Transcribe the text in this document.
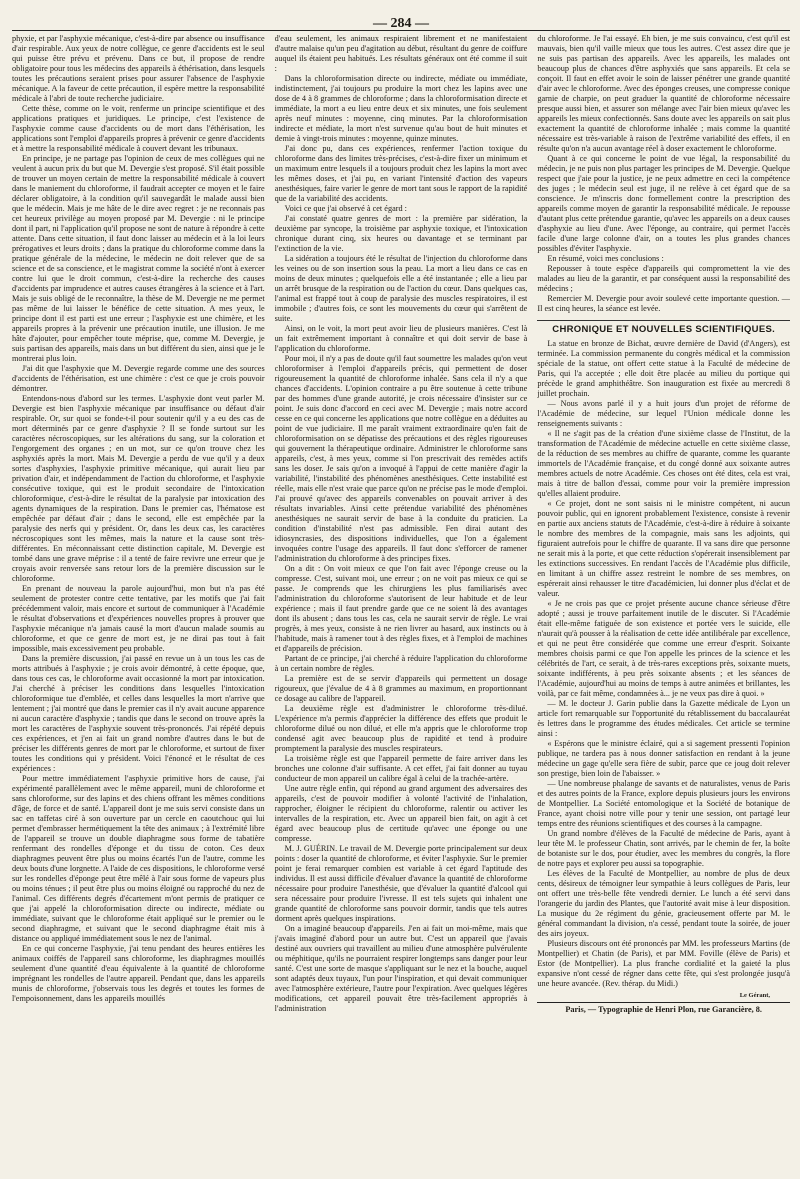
— 284 —

phyxie, et par l'asphyxie mécanique, c'est-à-dire par absence ou insuffisance d'air respirable. Aux yeux de notre collègue, ce genre d'accidents est le seul qui puisse être prévu et prévenu. Dans ce but, il propose de rendre obligatoire pour tous les médecins des appareils à éthérisation, dans lesquels toutes les précautions seraient prises pour assurer l'absence de l'asphyxie mécanique. A la faveur de cette précaution, il espère mettre la responsabilité médicale à l'abri de toute recherche judiciaire.

Cette thèse, comme on le voit, renferme un principe scientifique et des applications pratiques et juridiques. Le principe, c'est l'existence de l'asphyxie comme cause d'accidents ou de mort dans l'éthérisation, les applications sont l'emploi d'appareils propres à prévenir ce genre d'accidents et à mettre la responsabilité médicale à couvert devant les tribunaux.

En principe, je ne partage pas l'opinion de ceux de mes collègues qui ne veulent à aucun prix du but que M. Devergie s'est proposé. S'il était possible de trouver un moyen certain de mettre la responsabilité médicale à couvert dans le maniement du chloroforme, il faudrait accepter ce moyen et le faire déclarer obligatoire, à la condition qu'il sauvegardât le malade aussi bien que le médecin. Mais je me hâte de le dire avec regret : je ne reconnais pas cet heureux privilège au moyen proposé par M. Devergie : ni le principe dont il part, ni l'application qu'il propose ne sont de nature à répondre à cette attente. Dans cette situation, il faut donc laisser au médecin et à la loi leurs prérogatives et leurs droits ; dans la pratique du chloroforme comme dans la pratique générale de la médecine, le médecin ne doit relever que de sa science et de sa conscience, et le magistrat comme la société n'ont à exercer contre lui que le droit commun, c'est-à-dire la recherche des causes d'accidents par imprudence et autres causes étrangères à la science et à l'art. Mais je suis obligé de le reconnaître, la thèse de M. Devergie ne me permet pas même de lui laisser le bénéfice de cette situation. A mes yeux, le principe dont il est parti est une erreur ; l'asphyxie est une chimère, et les appareils propres à la prévenir une précaution inutile, une illusion. Je me hâte d'ajouter, pour empêcher toute méprise, que, comme M. Devergie, je suis partisan des appareils, mais dans un but différent du sien, ainsi que je le montrerai plus loin.

J'ai dit que l'asphyxie que M. Devergie regarde comme une des sources d'accidents de l'éthérisation, est une chimère : c'est ce que je crois pouvoir démontrer.

Entendons-nous d'abord sur les termes. L'asphyxie dont veut parler M. Devergie est bien l'asphyxie mécanique par insuffisance ou défaut d'air respirable. Or, sur quoi se fonde-t-il pour soutenir qu'il y a eu des cas de mort déterminés par ce genre d'asphyxie ? Il se fonde surtout sur les caractères nécroscopiques, sur les altérations du sang, sur la coloration et l'engorgement des organes ; en un mot, sur ce qu'on trouve chez les asphyxiés après la mort. Mais M. Devergie a perdu de vue qu'il y a deux sortes d'asphyxies, l'asphyxie primitive mécanique, qui aurait lieu par privation d'air, et indépendamment de l'action du chloroforme, et l'asphyxie consécutive toxique, qui est le produit secondaire de l'intoxication chloroformique, c'est-à-dire le résultat de la paralysie par intoxication des agents dynamiques de la respiration. Dans le premier cas, l'hématose est empêchée par défaut d'air ; dans le second, elle est empêchée par la paralysie des nerfs qui y président. Or, dans les deux cas, les caractères nécroscopiques sont les mêmes, mais la nature et la cause sont très-différentes. En méconnaissant cette distinction capitale, M. Devergie est tombé dans une grave méprise : il a tenté de faire revivre une erreur que je croyais avoir renversée sans retour lors de la première discussion sur le chloroforme.

En prenant de nouveau la parole aujourd'hui, mon but n'a pas été seulement de protester contre cette tentative, par les motifs que j'ai fait précédemment valoir, mais encore et surtout de communiquer à l'Académie le résultat d'observations et d'expériences nouvelles propres à prouver que l'asphyxie mécanique n'a jamais causé la mort d'aucun malade soumis au chloroforme, et que ce genre de mort est, je ne dirai pas tout à fait impossible, mais excessivement peu probable.

Dans la première discussion, j'ai passé en revue un à un tous les cas de morts attribués à l'asphyxie ; je crois avoir démontré, à cette époque, que, dans tous ces cas, le chloroforme avait occasionné la mort par intoxication. J'ai cherché à préciser les conditions dans lesquelles l'intoxication chloroformique tue d'emblée, et celles dans lesquelles la mort n'arrive que lentement ; j'ai montré que dans le premier cas il n'y avait aucune apparence ni aucun caractère d'asphyxie ; tandis que dans le second on trouve après la mort les caractères de l'asphyxie souvent très-prononcés. J'ai répété depuis ces expériences, et j'en ai fait un grand nombre d'autres dans le but de préciser les différents genres de mort par le chloroforme, et surtout de fixer toutes les conditions qui y président. Voici l'énoncé et le résultat de ces expériences :

Pour mettre immédiatement l'asphyxie primitive hors de cause, j'ai expérimenté parallèlement avec le même appareil, muni de chloroforme et sans chloroforme, sur des lapins et des chiens offrant les mêmes conditions d'âge, de force et de santé. L'appareil dont je me suis servi consiste dans un sac en taffetas ciré à son ouverture par un cercle en caoutchouc qui lui permet d'embrasser hermétiquement la tête des animaux ; à l'extrémité libre de l'appareil se trouve un double diaphragme sous forme de tabatière renfermant des rondelles d'éponge et du tissu de coton. Ces deux diaphragmes peuvent être plus ou moins écartés l'un de l'autre, comme les deux bouts d'une lorgnette. A l'aide de ces dispositions, le chloroforme versé sur les rondelles d'éponge peut être mêlé à l'air sous forme de vapeurs plus ou moins ténues ; il peut être plus ou moins éloigné ou rapproché du nez de l'animal. Ces différents degrés d'écartement m'ont permis de pratiquer ce que j'ai appelé la chloroformisation directe ou indirecte, médiate ou immédiate, suivant que le chloroforme était appliqué sur le premier ou le second diaphragme, et suivant que le second diaphragme était mis à distance ou appliqué immédiatement sous le nez de l'animal.

En ce qui concerne l'asphyxie, j'ai tenu pendant des heures entières les animaux coiffés de l'appareil sans chloroforme, les diaphragmes mouillés seulement d'une quantité d'eau équivalente à la quantité de chloroforme imprégnant les rondelles de l'autre appareil. Pendant que, dans les appareils munis de chloroforme, j'observais tous les degrés et toutes les formes de l'empoisonnement, dans les appareils mouillés

d'eau seulement, les animaux respiraient librement et ne manifestaient d'autre malaise qu'un peu d'agitation au début, résultant du genre de coiffure auquel ils étaient peu habitués. Les résultats généraux ont été comme il suit :

Dans la chloroformisation directe ou indirecte, médiate ou immédiate, indistinctement, j'ai toujours pu produire la mort chez les lapins avec une dose de 4 à 8 grammes de chloroforme ; dans la chloroformisation directe et immédiate, la mort a eu lieu entre deux et six minutes, une fois seulement après neuf minutes : moyenne, cinq minutes. Par la chloroformisation indirecte et médiate, la mort n'est survenue qu'au bout de huit minutes et demie à vingt-trois minutes : moyenne, quinze minutes.

J'ai donc pu, dans ces expériences, renfermer l'action toxique du chloroforme dans des limites très-précises, c'est-à-dire fixer un minimum et un maximum entre lesquels il a toujours produit chez les lapins la mort avec les mêmes doses, et j'ai pu, en variant l'intensité d'action des vapeurs anesthésiques, faire varier le genre de mort tant sous le rapport de la rapidité que de la variabilité des accidents.

Voici ce que j'ai observé à cet égard :

J'ai constaté quatre genres de mort : la première par sidération, la deuxième par syncope, la troisième par asphyxie toxique, et l'intoxication chronique durant cinq, six heures ou davantage et se terminant par l'extinction de la vie.

La sidération a toujours été le résultat de l'injection du chloroforme dans les veines ou de son insertion sous la peau. La mort a lieu dans ce cas en moins de deux minutes ; quelquefois elle a été instantanée ; elle a lieu par un arrêt brusque de la respiration ou de l'action du cœur. Dans quelques cas, l'animal est frappé tout à coup de paralysie des muscles respiratoires, il est immobile ; d'autres fois, ce sont les mouvements du cœur qui s'arrêtent de suite.

Ainsi, on le voit, la mort peut avoir lieu de plusieurs manières. C'est là un fait extrêmement important à connaître et qui doit servir de base à l'application du chloroforme.

Pour moi, il n'y a pas de doute qu'il faut soumettre les malades qu'on veut chloroformiser à l'emploi d'appareils précis, qui permettent de doser rigoureusement la quantité de chloroforme inhalée. Sans cela il n'y a que chances d'accidents. L'opinion contraire a pu être soutenue à cette tribune par des hommes d'une grande autorité, je crois nécessaire d'insister sur ce point. Je suis donc d'accord en ceci avec M. Devergie ; mais notre accord cesse en ce qui concerne les applications que notre collègue en a déduites au point de vue judiciaire. Il me paraît vraiment extraordinaire qu'en fait de chloroformisation on se dépatisse des précautions et des règles rigoureuses qui gouvernent la thérapeutique ordinaire. Administrer le chloroforme sans appareils, c'est, à mes yeux, comme si l'on prescrivait des remèdes actifs sans les doser. Je sais qu'on a invoqué à l'appui de cette manière d'agir la variabilité, l'instabilité des phénomènes anesthésiques. Cette instabilité est réelle, mais elle n'est vraie que parce qu'on ne précise pas le mode d'emploi. J'ai prouvé qu'avec des appareils convenables on pouvait arriver à des résultats invariables. Ainsi cette prétendue variabilité des phénomènes anesthésiques ne saurait servir de base à la conduite du praticien. La condition d'instabilité n'est pas admissible. Fen dirai autant des idiosyncrasies, des dispositions individuelles, que l'on a également invoquées contre l'usage des appareils. Il faut donc s'efforcer de ramener l'administration du chloroforme à des principes fixes.

On a dit : On voit mieux ce que l'on fait avec l'éponge creuse ou la compresse. C'est, suivant moi, une erreur ; on ne voit pas mieux ce qui se passe. Je comprends que les chirurgiens les plus familiarisés avec l'administration du chloroforme s'autorisent de leur habitude et de leur expérience ; mais il faut prendre garde que ce ne soient là des avantages dont ils abusent ; dans tous les cas, cela ne saurait servir de règle. Le vrai progrès, à mes yeux, consiste à ne rien livrer au hasard, aux instincts ou à l'habitude, mais à ramener tout à des règles fixes, et à l'emploi de machines et d'appareils de précision.

Partant de ce principe, j'ai cherché à réduire l'application du chloroforme à un certain nombre de règles.

La première est de se servir d'appareils qui permettent un dosage rigoureux, que j'évalue de 4 à 8 grammes au maximum, en proportionnant ce dosage au calibre de l'appareil.

La deuxième règle est d'administrer le chloroforme très-dilué. L'expérience m'a permis d'apprécier la différence des effets que produit le chloroforme dilué ou non dilué, et elle m'a appris que le chloroforme trop condensé agit avec beaucoup plus de rapidité et tend à produire promptement la paralysie des muscles respirateurs.

La troisième règle est que l'appareil permette de faire arriver dans les bronches une colonne d'air suffisante. A cet effet, j'ai fait donner au tuyau conducteur de mon appareil un calibre égal à celui de la trachée-artère.

Une autre règle enfin, qui répond au grand argument des adversaires des appareils, c'est de pouvoir modifier à volonté l'activité de l'inhalation, rapprocher, éloigner le récipient du chloroforme, ralentir ou activer les intervalles de la respiration, etc. Avec un appareil bien fait, on agit à cet égard avec beaucoup plus de certitude qu'avec une éponge ou une compresse.

M. J. GUÉRIN. Le travail de M. Devergie porte principalement sur deux points : doser la quantité de chloroforme, et éviter l'asphyxie. Sur le premier point je ferai remarquer combien est variable à cet égard l'aptitude des individus. Il est aussi difficile d'évaluer d'avance la quantité de chloroforme nécessaire pour produire l'anesthésie, que d'évaluer la quantité d'alcool qui sera nécessaire pour produire l'ivresse. Il est tels sujets qui inhalent une grande quantité de chloroforme sans pouvoir dormir, tandis que tels autres dorment après quelques inspirations.

On a imaginé beaucoup d'appareils. J'en ai fait un moi-même, mais que j'avais imaginé d'abord pour un autre but. C'est un appareil que j'avais destiné aux ouvriers qui travaillent au milieu d'une atmosphère pulvérulente ou méphitique, qu'ils ne pourraient respirer longtemps sans danger pour leur santé. C'est une sorte de masque s'appliquant sur le nez et la bouche, auquel sont adaptés deux tuyaux, l'un pour l'inspiration, et qui devait communiquer avec l'atmosphère extérieure, l'autre pour l'expiration. Avec quelques légères modifications, cet appareil pouvait être très-facilement appropriés à l'administration

du chloroforme. Je l'ai essayé. Eh bien, je me suis convaincu, c'est qu'il est mauvais, bien qu'il vaille mieux que tous les autres. C'est assez dire que je ne suis pas partisan des appareils. Avec les appareils, les malades ont beaucoup plus de chances d'être asphyxiés que sans appareils. Et cela se conçoit. Il faut en effet avoir le soin de laisser pénétrer une grande quantité d'air avec le chloroforme. Avec des éponges creuses, une compresse conique garnie de charpie, on peut graduer la quantité de chloroforme nécessaire presque aussi bien, et assurer son mélange avec l'air bien mieux qu'avec les appareils les mieux confectionnés. Sans doute avec les appareils on sait plus exactement la quantité de chloroforme inhalée ; mais comme la quantité nécessaire est très-variable à raison de l'extrême variabilité des effets, il en résulte qu'on n'a aucun avantage réel à doser exactement le chloroforme.

Quant à ce qui concerne le point de vue légal, la responsabilité du médecin, je ne puis non plus partager les principes de M. Devergie. Quelque respect que j'aie pour la justice, je ne peux admettre en ceci la compétence des juges ; le médecin seul est juge, il ne relève à cet égard que de sa conscience. Je m'inscris donc formellement contre la prescription des appareils comme moyen de garantir la responsabilité médicale. Je repousse d'autant plus cette prétendue garantie, qu'avec les appareils on a deux causes d'asphyxie au lieu d'une. Avec l'éponge, au contraire, qui permet l'accès facile d'une large colonne d'air, on a toutes les plus grandes chances possibles d'éviter l'asphyxie.

En résumé, voici mes conclusions :

Repousser à toute espèce d'appareils qui compromettent la vie des malades au lieu de la garantir, et par conséquent aussi la responsabilité des médecins ;

Remercier M. Devergie pour avoir soulevé cette importante question. — Il est cinq heures, la séance est levée.

CHRONIQUE ET NOUVELLES SCIENTIFIQUES.

La statue en bronze de Bichat, œuvre dernière de David (d'Angers), est terminée. La commission permanente du congrès médical et la commission spéciale de la statue, ont offert cette statue à la Faculté de médecine de Paris, qui l'a acceptée ; elle doit être placée au milieu du portique qui précède le grand amphithéâtre. Son inauguration est fixée au mercredi 8 juillet prochain.

— Nous avons parlé il y a huit jours d'un projet de réforme de l'Académie de médecine, sur lequel l'Union médicale donne les renseignements suivants :

« Il ne s'agit pas de la création d'une sixième classe de l'Institut, de la transformation de l'Académie de médecine actuelle en cette sixième classe, de la réduction de ses membres au chiffre de quarante, comme les quarante immortels de l'Académie française, et du congé donné aux soixante autres membres actuels de notre Académie. Ces choses ont été dites, cela est vrai, mais à titre de ballon d'essai, comme pour voir la première impression qu'elles allaient produire.

« Ce projet, dont ne sont saisis ni le ministre compétent, ni aucun pouvoir public, qui en ignorent probablement l'existence, consiste à revenir en partie aux anciens statuts de l'Académie, c'est-à-dire à réduire à soixante le nombre des membres de la compagnie, mais sans les adjoints, qui figuraient autrefois pour le chiffre de quarante. Il va sans dire que personne ne serait mis à la porte, et que cette réduction s'opérerait insensiblement par les extinctions successives. En rendant l'accès de l'Académie plus difficile, en limitant à un chiffre assez restreint le nombre de ses membres, on espérerait ainsi rehausser le titre d'académicien, lui donner plus d'éclat et de valeur.

« Je ne crois pas que ce projet présente aucune chance sérieuse d'être adopté ; aussi je trouve parfaitement inutile de le discuter. Si l'Académie était elle-même fatiguée de son existence et portée vers le suicide, elle n'aurait qu'à pousser à la réalisation de cette idée antilibérale par excellence, et qui ne peut être considérée que comme une erreur d'esprit. Soixante membres choisis parmi ce que l'on appelle les princes de la science et les célébrités de l'art, ce serait, à de très-rares exceptions près, soixante muets, soixante indifférents, à peu près soixante absents ; et les séances de l'Académie, aujourd'hui au moins de temps à autre animées et brillantes, les voilà, par ce fait même, condamnées à... je ne veux pas dire à quoi. »

— M. le docteur J. Garin publie dans la Gazette médicale de Lyon un article fort remarquable sur l'opportunité du rétablissement du baccalauréat ès lettres dans le programme des études médicales. Cet article se termine ainsi :

« Espérons que le ministre éclairé, qui a si sagement pressenti l'opinion publique, ne tardera pas à nous donner satisfaction en rendant à la jeune médecine un gage qu'elle sera fière de subir, parce que ce joug doit relever son prestige, bien loin de l'abaisser. »

— Une nombreuse phalange de savants et de naturalistes, venus de Paris et des autres points de la France, explore depuis plusieurs jours les environs de Montpellier. La Société entomologique et la Société de botanique de France, ayant choisi notre ville pour y tenir une session, ont partagé leur temps entre des réunions scientifiques et des courses à la campagne.

Un grand nombre d'élèves de la Faculté de médecine de Paris, ayant à leur tête M. le professeur Chatin, sont arrivés, par le chemin de fer, la boîte de botaniste sur le dos, pour étudier, avec les membres du congrès, la flore de notre pays et explorer peu aussi sa topographie.

Les élèves de la Faculté de Montpellier, au nombre de plus de deux cents, désireux de témoigner leur sympathie à leurs collègues de Paris, leur ont offert une très-belle fête vendredi dernier. Le lunch a été servi dans l'orangerie du jardin des Plantes, que l'autorité avait mise à leur disposition. La musique du 2e régiment du génie, gracieusement offerte par M. le général commandant la division, n'a cessé, pendant toute la soirée, de jouer des airs joyeux.

Plusieurs discours ont été prononcés par MM. les professeurs Martins (de Montpellier) et Chatin (de Paris), et par MM. Foville (élève de Paris) et Estor (de Montpellier). La plus franche cordialité et la gaieté la plus expansive n'ont cessé de régner dans cette fête, qui s'est prolongée jusqu'à une heure avancée. (Rev. thérap. du Midi.)

Le Gérant,
Paris, — Typographie de Henri Plon, rue Garancière, 8.
